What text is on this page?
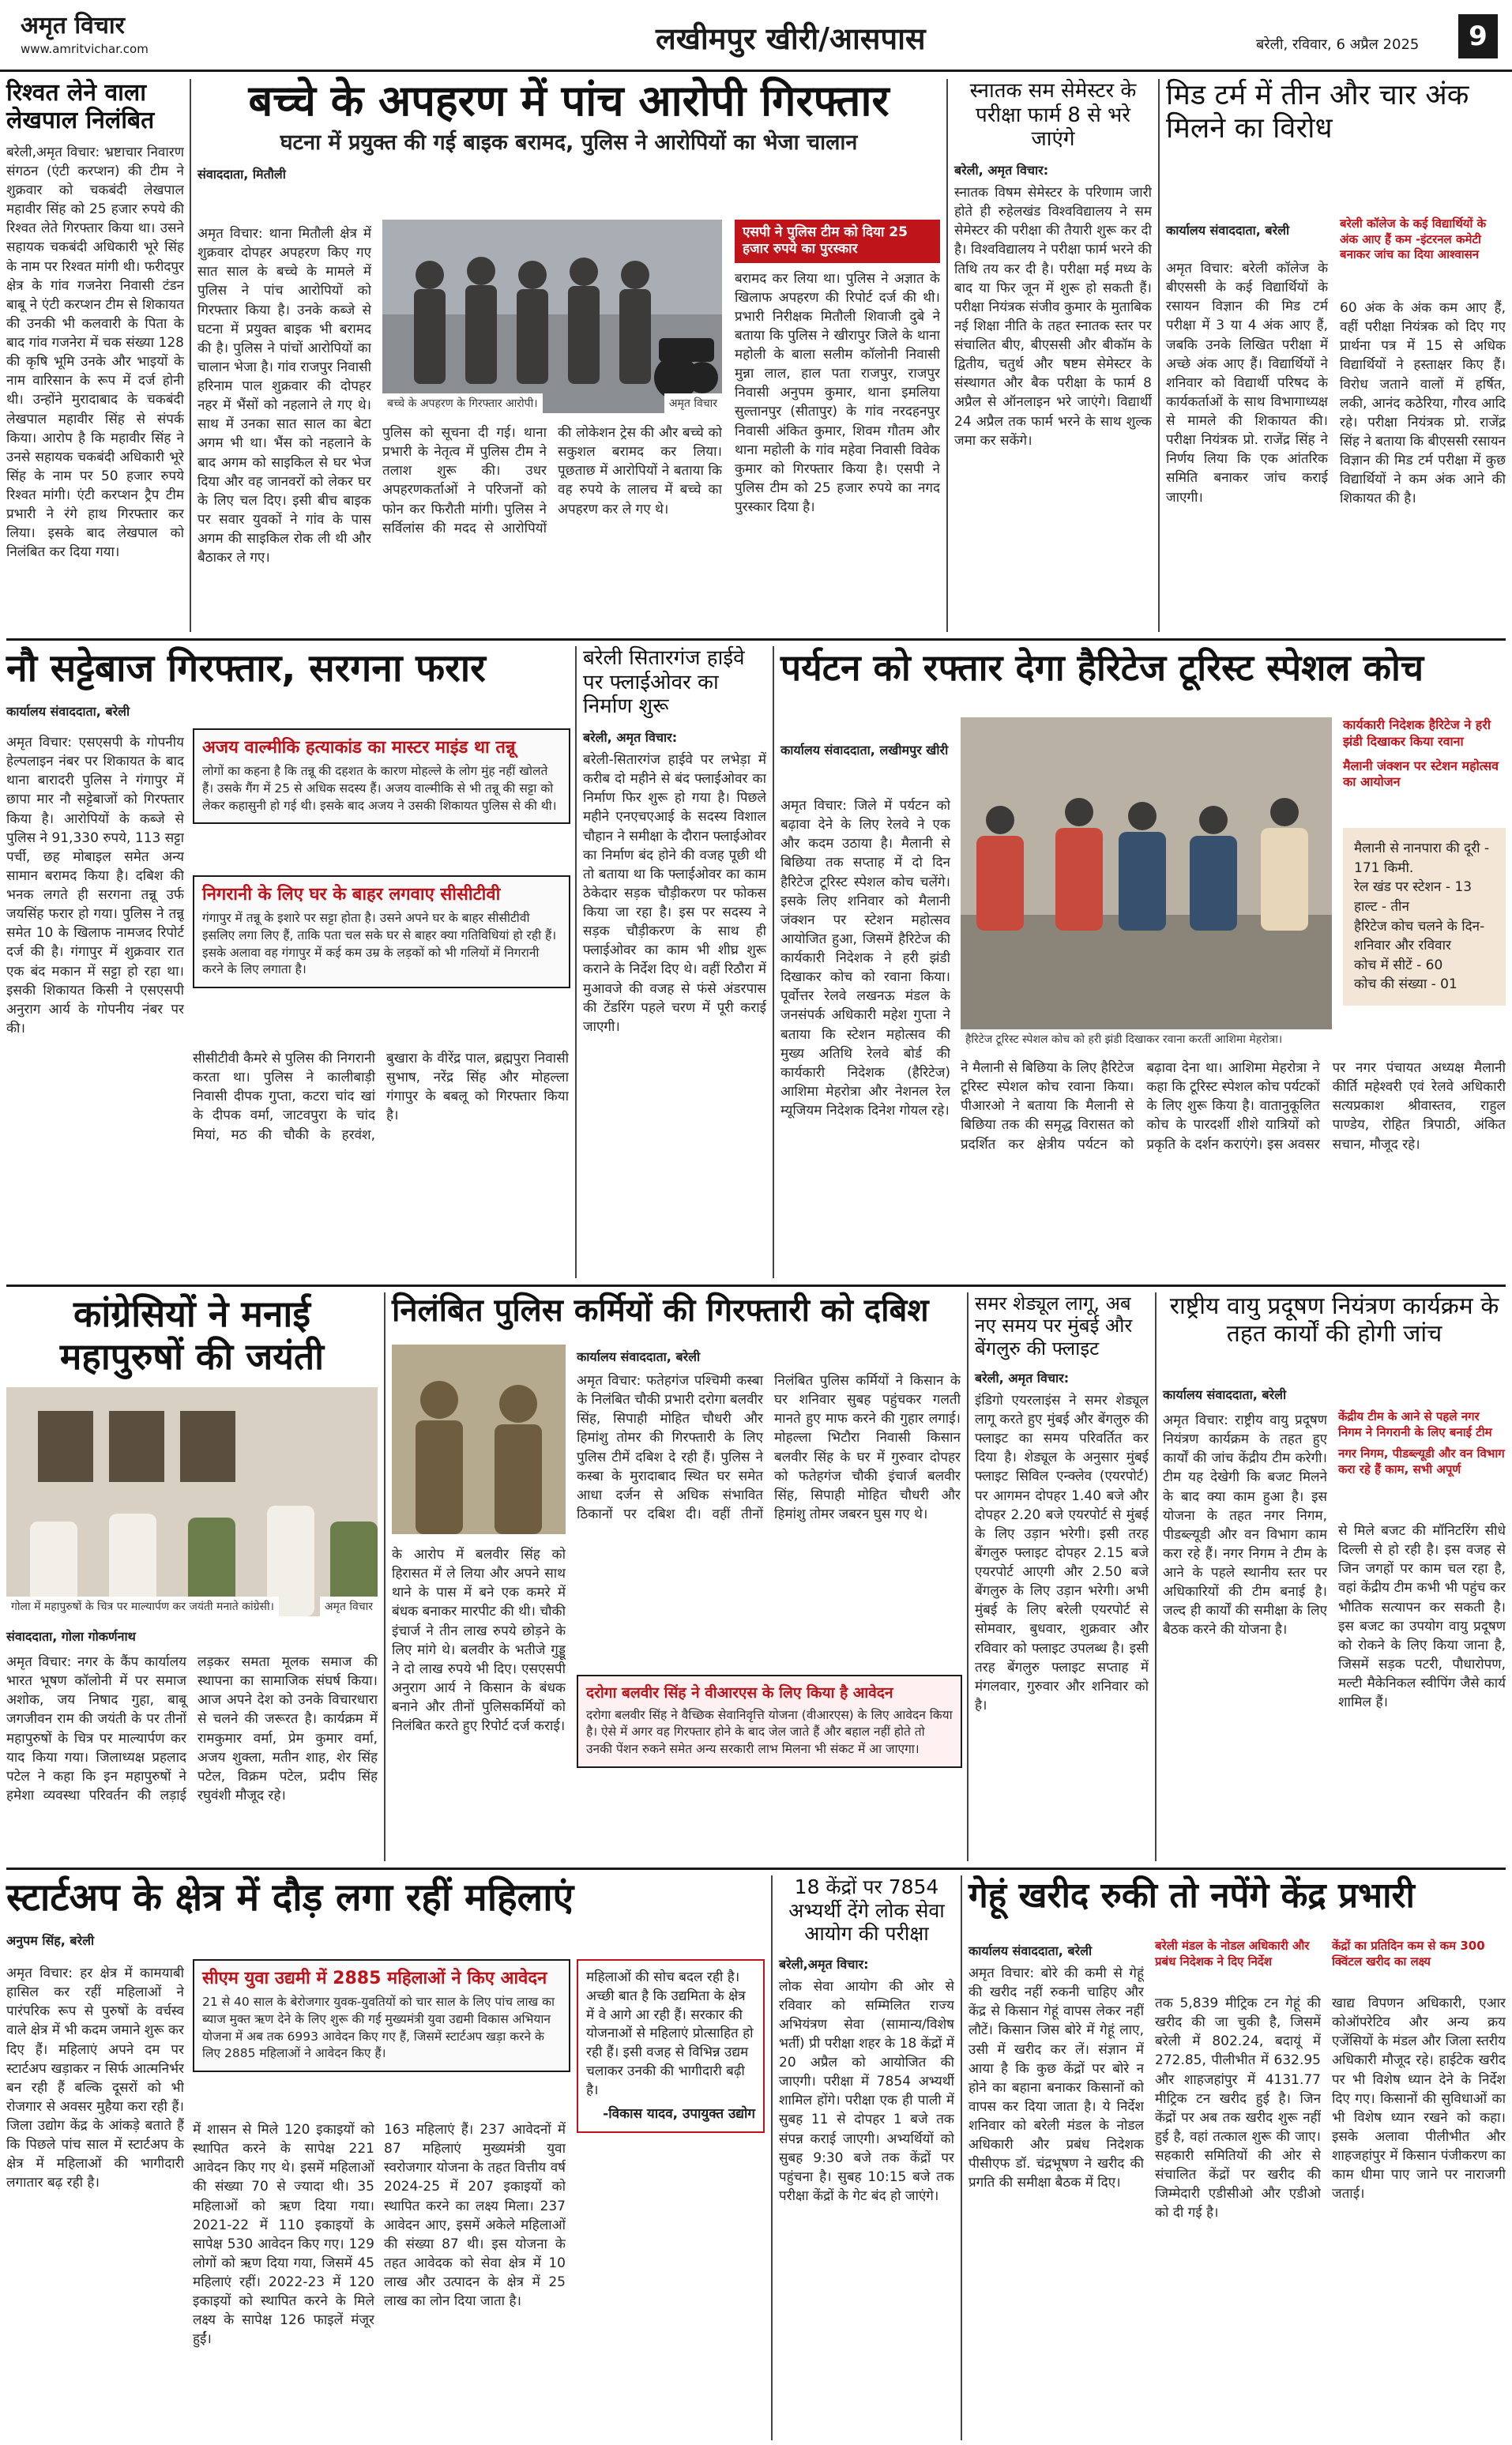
अमृत विचार
www.amritvichar.com	लखीमपुर खीरी/आसपास	बरेली, रविवार, 6 अप्रैल 2025	9
रिश्वत लेने वाला लेखपाल निलंबित
बरेली,अमृत विचार: भ्रष्टाचार निवारण संगठन (एंटी करप्शन) की टीम ने शुक्रवार को चकबंदी लेखपाल महावीर सिंह को 25 हजार रुपये की रिश्वत लेते गिरफ्तार किया था। उसने सहायक चकबंदी अधिकारी भूरे सिंह के नाम पर रिश्वत मांगी थी। फरीदपुर क्षेत्र के गांव गजनेरा निवासी टंडन बाबू ने एंटी करप्शन टीम से शिकायत की उनकी भी कलवारी के पिता के बाद गांव गजनेरा में चक संख्या 128 की कृषि भूमि उनके और भाइयों के नाम वारिसान के रूप में दर्ज होनी थी। उन्होंने मुरादाबाद के चकबंदी लेखपाल महावीर सिंह से संपर्क किया। आरोप है कि महावीर सिंह ने उनसे सहायक चकबंदी अधिकारी भूरे सिंह के नाम पर 50 हजार रुपये रिश्वत मांगी। एंटी करप्शन ट्रैप टीम प्रभारी ने रंगे हाथ गिरफ्तार कर लिया। इसके बाद लेखपाल को निलंबित कर दिया गया।
बच्चे के अपहरण में पांच आरोपी गिरफ्तार
घटना में प्रयुक्त की गई बाइक बरामद, पुलिस ने आरोपियों का भेजा चालान
संवाददाता, मितौली
अमृत विचार: थाना मितौली क्षेत्र में शुक्रवार दोपहर अपहरण किए गए सात साल के बच्चे के मामले में पुलिस ने पांच आरोपियों को गिरफ्तार किया है। उनके कब्जे से घटना में प्रयुक्त बाइक भी बरामद की है। पुलिस ने पांचों आरोपियों का चालान भेजा है। गांव राजपुर निवासी हरिनाम पाल शुक्रवार की दोपहर नहर में भैंसों को नहलाने ले गए थे। साथ में उनका सात साल का बेटा अगम भी था। भैंस को नहलाने के बाद अगम को साइकिल से घर भेज दिया और वह जानवरों को लेकर घर के लिए चल दिए। इसी बीच बाइक पर सवार युवकों ने गांव के पास अगम की साइकिल रोक ली थी और बैठाकर ले गए।
बच्चे के अपहरण के गिरफ्तार आरोपी।	अमृत विचार
पुलिस को सूचना दी गई। थाना प्रभारी के नेतृत्व में पुलिस टीम ने तलाश शुरू की। उधर अपहरणकर्ताओं ने परिजनों को फोन कर फिरौती मांगी। पुलिस ने सर्विलांस की मदद से आरोपियों की लोकेशन ट्रेस की और बच्चे को सकुशल बरामद कर लिया। पूछताछ में आरोपियों ने बताया कि वह रुपये के लालच में बच्चे का अपहरण कर ले गए थे।
एसपी ने पुलिस टीम को दिया 25 हजार रुपये का पुरस्कार
बरामद कर लिया था। पुलिस ने अज्ञात के खिलाफ अपहरण की रिपोर्ट दर्ज की थी। प्रभारी निरीक्षक मितौली शिवाजी दुबे ने बताया कि पुलिस ने खीरापुर जिले के थाना महोली के बाला सलीम कॉलोनी निवासी मुन्ना लाल, हाल पता राजपुर, राजपुर निवासी अनुपम कुमार, थाना इमलिया सुल्तानपुर (सीतापुर) के गांव नरदहनपुर निवासी अंकित कुमार, शिवम गौतम और थाना महोली के गांव महेवा निवासी विवेक कुमार को गिरफ्तार किया है। एसपी ने पुलिस टीम को 25 हजार रुपये का नगद पुरस्कार दिया है।
स्नातक सम सेमेस्टर के परीक्षा फार्म 8 से भरे जाएंगे
बरेली, अमृत विचार:
स्नातक विषम सेमेस्टर के परिणाम जारी होते ही रुहेलखंड विश्वविद्यालय ने सम सेमेस्टर की परीक्षा की तैयारी शुरू कर दी है। विश्वविद्यालय ने परीक्षा फार्म भरने की तिथि तय कर दी है। परीक्षा मई मध्य के बाद या फिर जून में शुरू हो सकती हैं। परीक्षा नियंत्रक संजीव कुमार के मुताबिक नई शिक्षा नीति के तहत स्नातक स्तर पर संचालित बीए, बीएससी और बीकॉम के द्वितीय, चतुर्थ और षष्टम सेमेस्टर के संस्थागत और बैक परीक्षा के फार्म 8 अप्रैल से ऑनलाइन भरे जाएंगे। विद्यार्थी 24 अप्रैल तक फार्म भरने के साथ शुल्क जमा कर सकेंगे।
मिड टर्म में तीन और चार अंक मिलने का विरोध
कार्यालय संवाददाता, बरेली	बरेली कॉलेज के कई विद्यार्थियों के अंक आए हैं कम -इंटरनल कमेटी बनाकर जांच का दिया आश्वासन
अमृत विचार: बरेली कॉलेज के बीएससी के कई विद्यार्थियों के रसायन विज्ञान की मिड टर्म परीक्षा में 3 या 4 अंक आए हैं, जबकि उनके लिखित परीक्षा में अच्छे अंक आए हैं। विद्यार्थियों ने शनिवार को विद्यार्थी परिषद के कार्यकर्ताओं के साथ विभागाध्यक्ष से मामले की शिकायत की। परीक्षा नियंत्रक प्रो. राजेंद्र सिंह ने निर्णय लिया कि एक आंतरिक समिति बनाकर जांच कराई जाएगी।
60 अंक के अंक कम आए हैं, वहीं परीक्षा नियंत्रक को दिए गए प्रार्थना पत्र में 15 से अधिक विद्यार्थियों ने हस्ताक्षर किए हैं। विरोध जताने वालों में हर्षित, लकी, आनंद कठेरिया, गौरव आदि रहे। परीक्षा नियंत्रक प्रो. राजेंद्र सिंह ने बताया कि बीएससी रसायन विज्ञान की मिड टर्म परीक्षा में कुछ विद्यार्थियों ने कम अंक आने की शिकायत की है।
नौ सट्टेबाज गिरफ्तार, सरगना फरार
कार्यालय संवाददाता, बरेली
अमृत विचार: एसएसपी के गोपनीय हेल्पलाइन नंबर पर शिकायत के बाद थाना बारादरी पुलिस ने गंगापुर में छापा मार नौ सट्टेबाजों को गिरफ्तार किया है। आरोपियों के कब्जे से पुलिस ने 91,330 रुपये, 113 सट्टा पर्ची, छह मोबाइल समेत अन्य सामान बरामद किया है। दबिश की भनक लगते ही सरगना तन्नू उर्फ जयसिंह फरार हो गया। पुलिस ने तन्नू समेत 10 के खिलाफ नामजद रिपोर्ट दर्ज की है। गंगापुर में शुक्रवार रात एक बंद मकान में सट्टा हो रहा था। इसकी शिकायत किसी ने एसएसपी अनुराग आर्य के गोपनीय नंबर पर की।
अजय वाल्मीकि हत्याकांड का मास्टर माइंड था तन्नू
लोगों का कहना है कि तन्नू की दहशत के कारण मोहल्ले के लोग मुंह नहीं खोलते हैं। उसके गैंग में 25 से अधिक सदस्य हैं। अजय वाल्मीकि से भी तन्नू की सट्टा को लेकर कहासुनी हो गई थी। इसके बाद अजय ने उसकी शिकायत पुलिस से की थी।
निगरानी के लिए घर के बाहर लगवाए सीसीटीवी
गंगापुर में तन्नू के इशारे पर सट्टा होता है। उसने अपने घर के बाहर सीसीटीवी इसलिए लगा लिए हैं, ताकि पता चल सके घर से बाहर क्या गतिविधियां हो रही हैं। इसके अलावा वह गंगापुर में कई कम उम्र के लड़कों को भी गलियों में निगरानी करने के लिए लगाता है।
सीसीटीवी कैमरे से पुलिस की निगरानी करता था। पुलिस ने कालीबाड़ी निवासी दीपक गुप्ता, कटरा चांद खां के दीपक वर्मा, जाटवपुरा के चांद मियां, मठ की चौकी के हरवंश, बुखारा के वीरेंद्र पाल, ब्रह्मपुरा निवासी सुभाष, नरेंद्र सिंह और मोहल्ला गंगापुर के बबलू को गिरफ्तार किया है।
बरेली सितारगंज हाईवे पर फ्लाईओवर का निर्माण शुरू
बरेली, अमृत विचार:
बरेली-सितारगंज हाईवे पर लभेड़ा में करीब दो महीने से बंद फ्लाईओवर का निर्माण फिर शुरू हो गया है। पिछले महीने एनएचएआई के सदस्य विशाल चौहान ने समीक्षा के दौरान फ्लाईओवर का निर्माण बंद होने की वजह पूछी थी तो बताया था कि फ्लाईओवर का काम ठेकेदार सड़क चौड़ीकरण पर फोकस किया जा रहा है। इस पर सदस्य ने सड़क चौड़ीकरण के साथ ही फ्लाईओवर का काम भी शीघ्र शुरू कराने के निर्देश दिए थे। वहीं रिठौरा में मुआवजे की वजह से फंसे अंडरपास की टेंडरिंग पहले चरण में पूरी कराई जाएगी।
पर्यटन को रफ्तार देगा हैरिटेज टूरिस्ट स्पेशल कोच
कार्यालय संवाददाता, लखीमपुर खीरी
अमृत विचार: जिले में पर्यटन को बढ़ावा देने के लिए रेलवे ने एक और कदम उठाया है। मैलानी से बिछिया तक सप्ताह में दो दिन हैरिटेज टूरिस्ट स्पेशल कोच चलेंगे। इसके लिए शनिवार को मैलानी जंक्शन पर स्टेशन महोत्सव आयोजित हुआ, जिसमें हैरिटेज की कार्यकारी निदेशक ने हरी झंडी दिखाकर कोच को रवाना किया। पूर्वोत्तर रेलवे लखनऊ मंडल के जनसंपर्क अधिकारी महेश गुप्ता ने बताया कि स्टेशन महोत्सव की मुख्य अतिथि रेलवे बोर्ड की कार्यकारी निदेशक (हैरिटेज) आशिमा मेहरोत्रा और नेशनल रेल म्यूजियम निदेशक दिनेश गोयल रहे।
हैरिटेज टूरिस्ट स्पेशल कोच को हरी झंडी दिखाकर रवाना करतीं आशिमा मेहरोत्रा।
कार्यकारी निदेशक हैरिटेज ने हरी झंडी दिखाकर किया रवाना
मैलानी जंक्शन पर स्टेशन महोत्सव का आयोजन
मैलानी से नानपारा की दूरी - 171 किमी.
रेल खंड पर स्टेशन - 13
हाल्ट - तीन
हैरिटेज कोच चलने के दिन- शनिवार और रविवार
कोच में सीटें - 60
कोच की संख्या - 01
ने मैलानी से बिछिया के लिए हैरिटेज टूरिस्ट स्पेशल कोच रवाना किया। पीआरओ ने बताया कि मैलानी से बिछिया तक की समृद्ध विरासत को प्रदर्शित कर क्षेत्रीय पर्यटन को बढ़ावा देना था। आशिमा मेहरोत्रा ने कहा कि टूरिस्ट स्पेशल कोच पर्यटकों के लिए शुरू किया है। वातानुकूलित कोच के पारदर्शी शीशे यात्रियों को प्रकृति के दर्शन कराएंगे। इस अवसर पर नगर पंचायत अध्यक्ष मैलानी कीर्ति महेश्वरी एवं रेलवे अधिकारी सत्यप्रकाश श्रीवास्तव, राहुल पाण्डेय, रोहित त्रिपाठी, अंकित सचान, मौजूद रहे।
कांग्रेसियों ने मनाई महापुरुषों की जयंती
गोला में महापुरुषों के चित्र पर माल्यार्पण कर जयंती मनाते कांग्रेसी।	अमृत विचार
संवाददाता, गोला गोकर्णनाथ
अमृत विचार: नगर के कैंप कार्यालय भारत भूषण कॉलोनी में पर समाज अशोक, जय निषाद गुहा, बाबू जगजीवन राम की जयंती के पर तीनों महापुरुषों के चित्र पर माल्यार्पण कर याद किया गया। जिलाध्यक्ष प्रहलाद पटेल ने कहा कि इन महापुरुषों ने हमेशा व्यवस्था परिवर्तन की लड़ाई लड़कर समता मूलक समाज की स्थापना का सामाजिक संघर्ष किया। आज अपने देश को उनके विचारधारा से चलने की जरूरत है। कार्यक्रम में रामकुमार वर्मा, प्रेम कुमार वर्मा, अजय शुक्ला, मतीन शाह, शेर सिंह पटेल, विक्रम पटेल, प्रदीप सिंह रघुवंशी मौजूद रहे।
निलंबित पुलिस कर्मियों की गिरफ्तारी को दबिश
कार्यालय संवाददाता, बरेली
अमृत विचार: फतेहगंज पश्चिमी कस्बा के निलंबित चौकी प्रभारी दरोगा बलवीर सिंह, सिपाही मोहित चौधरी और हिमांशु तोमर की गिरफ्तारी के लिए पुलिस टीमें दबिश दे रही हैं। पुलिस ने कस्बा के मुरादाबाद स्थित घर समेत आधा दर्जन से अधिक संभावित ठिकानों पर दबिश दी। वहीं तीनों निलंबित पुलिस कर्मियों ने किसान के घर शनिवार सुबह पहुंचकर गलती मानते हुए माफ करने की गुहार लगाई। मोहल्ला भिटौरा निवासी किसान बलवीर सिंह के घर में गुरुवार दोपहर को फतेहगंज चौकी इंचार्ज बलवीर सिंह, सिपाही मोहित चौधरी और हिमांशु तोमर जबरन घुस गए थे।
के आरोप में बलवीर सिंह को हिरासत में ले लिया और अपने साथ थाने के पास में बने एक कमरे में बंधक बनाकर मारपीट की थी। चौकी इंचार्ज ने तीन लाख रुपये छोड़ने के लिए मांगे थे। बलवीर के भतीजे गुड्डू ने दो लाख रुपये भी दिए। एसएसपी अनुराग आर्य ने किसान के बंधक बनाने और तीनों पुलिसकर्मियों को निलंबित करते हुए रिपोर्ट दर्ज कराई।
दरोगा बलवीर सिंह ने वीआरएस के लिए किया है आवेदन
दरोगा बलवीर सिंह ने वैच्छिक सेवानिवृत्ति योजना (वीआरएस) के लिए आवेदन किया है। ऐसे में अगर वह गिरफ्तार होने के बाद जेल जाते हैं और बहाल नहीं होते तो उनकी पेंशन रुकने समेत अन्य सरकारी लाभ मिलना भी संकट में आ जाएगा।
समर शेड्यूल लागू, अब नए समय पर मुंबई और बेंगलुरु की फ्लाइट
बरेली, अमृत विचार:
इंडिगो एयरलाइंस ने समर शेड्यूल लागू करते हुए मुंबई और बेंगलुरु की फ्लाइट का समय परिवर्तित कर दिया है। शेड्यूल के अनुसार मुंबई फ्लाइट सिविल एन्क्लेव (एयरपोर्ट) पर आगमन दोपहर 1.40 बजे और दोपहर 2.20 बजे एयरपोर्ट से मुंबई के लिए उड़ान भरेगी। इसी तरह बेंगलुरु फ्लाइट दोपहर 2.15 बजे एयरपोर्ट आएगी और 2.50 बजे बेंगलुरु के लिए उड़ान भरेगी। अभी मुंबई के लिए बरेली एयरपोर्ट से सोमवार, बुधवार, शुक्रवार और रविवार को फ्लाइट उपलब्ध है। इसी तरह बेंगलुरु फ्लाइट सप्ताह में मंगलवार, गुरुवार और शनिवार को है।
राष्ट्रीय वायु प्रदूषण नियंत्रण कार्यक्रम के तहत कार्यों की होगी जांच
कार्यालय संवाददाता, बरेली
केंद्रीय टीम के आने से पहले नगर निगम ने निगरानी के लिए बनाई टीम
नगर निगम, पीडब्ल्यूडी और वन विभाग करा रहे हैं काम, सभी अपूर्ण
अमृत विचार: राष्ट्रीय वायु प्रदूषण नियंत्रण कार्यक्रम के तहत हुए कार्यों की जांच केंद्रीय टीम करेगी। टीम यह देखेगी कि बजट मिलने के बाद क्या काम हुआ है। इस योजना के तहत नगर निगम, पीडब्ल्यूडी और वन विभाग काम करा रहे हैं। नगर निगम ने टीम के आने के पहले स्थानीय स्तर पर अधिकारियों की टीम बनाई है। जल्द ही कार्यों की समीक्षा के लिए बैठक करने की योजना है।
से मिले बजट की मॉनिटरिंग सीधे दिल्ली से हो रही है। इस वजह से जिन जगहों पर काम चल रहा है, वहां केंद्रीय टीम कभी भी पहुंच कर भौतिक सत्यापन कर सकती है। इस बजट का उपयोग वायु प्रदूषण को रोकने के लिए किया जाना है, जिसमें सड़क पटरी, पौधारोपण, मल्टी मैकेनिकल स्वीपिंग जैसे कार्य शामिल हैं।
स्टार्टअप के क्षेत्र में दौड़ लगा रहीं महिलाएं
अनुपम सिंह, बरेली
अमृत विचार: हर क्षेत्र में कामयाबी हासिल कर रहीं महिलाओं ने पारंपरिक रूप से पुरुषों के वर्चस्व वाले क्षेत्र में भी कदम जमाने शुरू कर दिए हैं। महिलाएं अपने दम पर स्टार्टअप खड़ाकर न सिर्फ आत्मनिर्भर बन रही हैं बल्कि दूसरों को भी रोजगार से अवसर मुहैया करा रही हैं। जिला उद्योग केंद्र के आंकड़े बताते हैं कि पिछले पांच साल में स्टार्टअप के क्षेत्र में महिलाओं की भागीदारी लगातार बढ़ रही है।
सीएम युवा उद्यमी में 2885 महिलाओं ने किए आवेदन
21 से 40 साल के बेरोजगार युवक-युवतियों को चार साल के लिए पांच लाख का ब्याज मुक्त ऋण देने के लिए शुरू की गई मुख्यमंत्री युवा उद्यमी विकास अभियान योजना में अब तक 6993 आवेदन किए गए हैं, जिसमें स्टार्टअप खड़ा करने के लिए 2885 महिलाओं ने आवेदन किए हैं।
में शासन से मिले 120 इकाइयों को स्थापित करने के सापेक्ष 221 आवेदन किए गए थे। इसमें महिलाओं की संख्या 70 से ज्यादा थी। 35 महिलाओं को ऋण दिया गया। 2021-22 में 110 इकाइयों के सापेक्ष 530 आवेदन किए गए। 129 लोगों को ऋण दिया गया, जिसमें 45 महिलाएं रहीं। 2022-23 में 120 इकाइयों को स्थापित करने के मिले लक्ष्य के सापेक्ष 126 फाइलें मंजूर हुईं।
163 महिलाएं हैं। 237 आवेदनों में 87 महिलाएं मुख्यमंत्री युवा स्वरोजगार योजना के तहत वित्तीय वर्ष 2024-25 में 207 इकाइयों को स्थापित करने का लक्ष्य मिला। 237 आवेदन आए, इसमें अकेले महिलाओं की संख्या 87 थी। इस योजना के तहत आवेदक को सेवा क्षेत्र में 10 लाख और उत्पादन के क्षेत्र में 25 लाख का लोन दिया जाता है।
महिलाओं की सोच बदल रही है। अच्छी बात है कि उद्यमिता के क्षेत्र में वे आगे आ रही हैं। सरकार की योजनाओं से महिलाएं प्रोत्साहित हो रही हैं। इसी वजह से विभिन्न उद्यम चलाकर उनकी की भागीदारी बढ़ी है।
-विकास यादव, उपायुक्त उद्योग
18 केंद्रों पर 7854 अभ्यर्थी देंगे लोक सेवा आयोग की परीक्षा
बरेली,अमृत विचार:
लोक सेवा आयोग की ओर से रविवार को सम्मिलित राज्य अभियंत्रण सेवा (सामान्य/विशेष भर्ती) प्री परीक्षा शहर के 18 केंद्रों में 20 अप्रैल को आयोजित की जाएगी। परीक्षा में 7854 अभ्यर्थी शामिल होंगे। परीक्षा एक ही पाली में सुबह 11 से दोपहर 1 बजे तक संपन्न कराई जाएगी। अभ्यर्थियों को सुबह 9:30 बजे तक केंद्रों पर पहुंचना है। सुबह 10:15 बजे तक परीक्षा केंद्रों के गेट बंद हो जाएंगे।
गेहूं खरीद रुकी तो नपेंगे केंद्र प्रभारी
कार्यालय संवाददाता, बरेली	बरेली मंडल के नोडल अधिकारी और प्रबंध निदेशक ने दिए निर्देश
केंद्रों का प्रतिदिन कम से कम 300 क्विंटल खरीद का लक्ष्य
अमृत विचार: बोरे की कमी से गेहूं की खरीद नहीं रुकनी चाहिए और केंद्र से किसान गेहूं वापस लेकर नहीं लौटें। किसान जिस बोरे में गेहूं लाए, उसी में खरीद कर लें। संज्ञान में आया है कि कुछ केंद्रों पर बोरे न होने का बहाना बनाकर किसानों को वापस कर दिया जाता है। ये निर्देश शनिवार को बरेली मंडल के नोडल अधिकारी और प्रबंध निदेशक पीसीएफ डॉ. चंद्रभूषण ने खरीद की प्रगति की समीक्षा बैठक में दिए।
तक 5,839 मीट्रिक टन गेहूं की खरीद की जा चुकी है, जिसमें बरेली में 802.24, बदायूं में 272.85, पीलीभीत में 632.95 और शाहजहांपुर में 4131.77 मीट्रिक टन खरीद हुई है। जिन केंद्रों पर अब तक खरीद शुरू नहीं हुई है, वहां तत्काल शुरू की जाए। सहकारी समितियों की ओर से संचालित केंद्रों पर खरीद की जिम्मेदारी एडीसीओ और एडीओ को दी गई है।
खाद्य विपणन अधिकारी, एआर कोऑपरेटिव और अन्य क्रय एजेंसियों के मंडल और जिला स्तरीय अधिकारी मौजूद रहे। हाईटेक खरीद पर भी विशेष ध्यान देने के निर्देश दिए गए। किसानों की सुविधाओं का भी विशेष ध्यान रखने को कहा। इसके अलावा पीलीभीत और शाहजहांपुर में किसान पंजीकरण का काम धीमा पाए जाने पर नाराजगी जताई।
